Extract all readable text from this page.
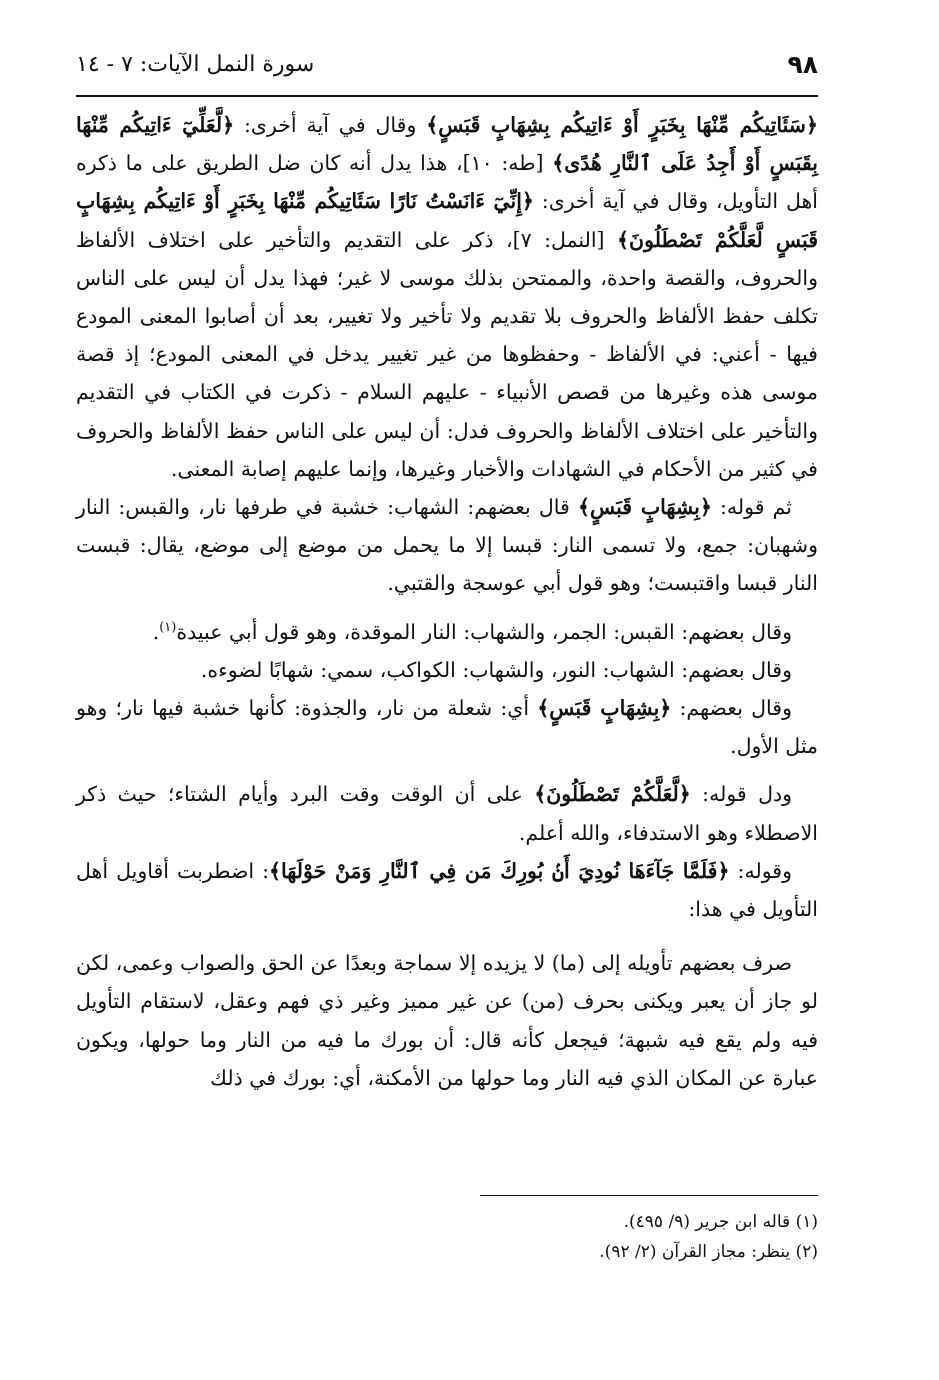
٩٨
سورة النمل الآيات: ٧ - ١٤

﴿سَئَاتِيكُم مِّنْهَا بِخَبَرٍ أَوْ ءَاتِيكُم بِشِهَابٍ قَبَسٍ﴾ وقال في آية أخرى: ﴿لَّعَلِّيٓ ءَاتِيكُم مِّنْهَا بِقَبَسٍ أَوْ أَجِدُ عَلَى ٱلنَّارِ هُدًى﴾ [طه: ١٠]، هذا يدل أنه كان ضل الطريق على ما ذكره أهل التأويل، وقال في آية أخرى: ﴿إِنِّيٓ ءَانَسْتُ نَارًا سَئَاتِيكُم مِّنْهَا بِخَبَرٍ أَوْ ءَاتِيكُم بِشِهَابٍ قَبَسٍ لَّعَلَّكُمْ تَصْطَلُونَ﴾ [النمل: ٧]، ذكر على التقديم والتأخير على اختلاف الألفاظ والحروف، والقصة واحدة، والممتحن بذلك موسى لا غير؛ فهذا يدل أن ليس على الناس تكلف حفظ الألفاظ والحروف بلا تقديم ولا تأخير ولا تغيير، بعد أن أصابوا المعنى المودع فيها - أعني: في الألفاظ - وحفظوها من غير تغيير يدخل في المعنى المودع؛ إذ قصة موسى هذه وغيرها من قصص الأنبياء - عليهم السلام - ذكرت في الكتاب في التقديم والتأخير على اختلاف الألفاظ والحروف فدل: أن ليس على الناس حفظ الألفاظ والحروف في كثير من الأحكام في الشهادات والأخبار وغيرها، وإنما عليهم إصابة المعنى.

ثم قوله: ﴿بِشِهَابٍ قَبَسٍ﴾ قال بعضهم: الشهاب: خشبة في طرفها نار، والقبس: النار وشهبان: جمع، ولا تسمى النار: قبسا إلا ما يحمل من موضع إلى موضع، يقال: قبست النار قبسا واقتبست؛ وهو قول أبي عوسجة والقتبي.

وقال بعضهم: القبس: الجمر، والشهاب: النار الموقدة، وهو قول أبي عبيدة$^{(١)}$.

وقال بعضهم: الشهاب: النور، والشهاب: الكواكب، سمي: شهابًا لضوءه.

وقال بعضهم: ﴿بِشِهَابٍ قَبَسٍ﴾ أي: شعلة من نار، والجذوة: كأنها خشبة فيها نار؛ وهو مثل الأول.

ودل قوله: ﴿لَّعَلَّكُمْ تَصْطَلُونَ﴾ على أن الوقت وقت البرد وأيام الشتاء؛ حيث ذكر الاصطلاء وهو الاستدفاء، والله أعلم.

وقوله: ﴿فَلَمَّا جَآءَهَا نُودِيَ أَنۢ بُورِكَ مَن فِي ٱلنَّارِ وَمَنْ حَوْلَهَا﴾: اضطربت أقاويل أهل التأويل في هذا:

صرف بعضهم تأويله إلى (ما) لا يزيده إلا سماجة وبعدًا عن الحق والصواب وعمى، لكن لو جاز أن يعبر ويكنى بحرف (من) عن غير مميز وغير ذي فهم وعقل، لاستقام التأويل فيه ولم يقع فيه شبهة؛ فيجعل كأنه قال: أن بورك ما فيه من النار وما حولها، ويكون عبارة عن المكان الذي فيه النار وما حولها من الأمكنة، أي: بورك في ذلك

(١) قاله ابن جرير (٩/ ٤٩٥).
(٢) ينظر: مجاز القرآن (٢/ ٩٢).
